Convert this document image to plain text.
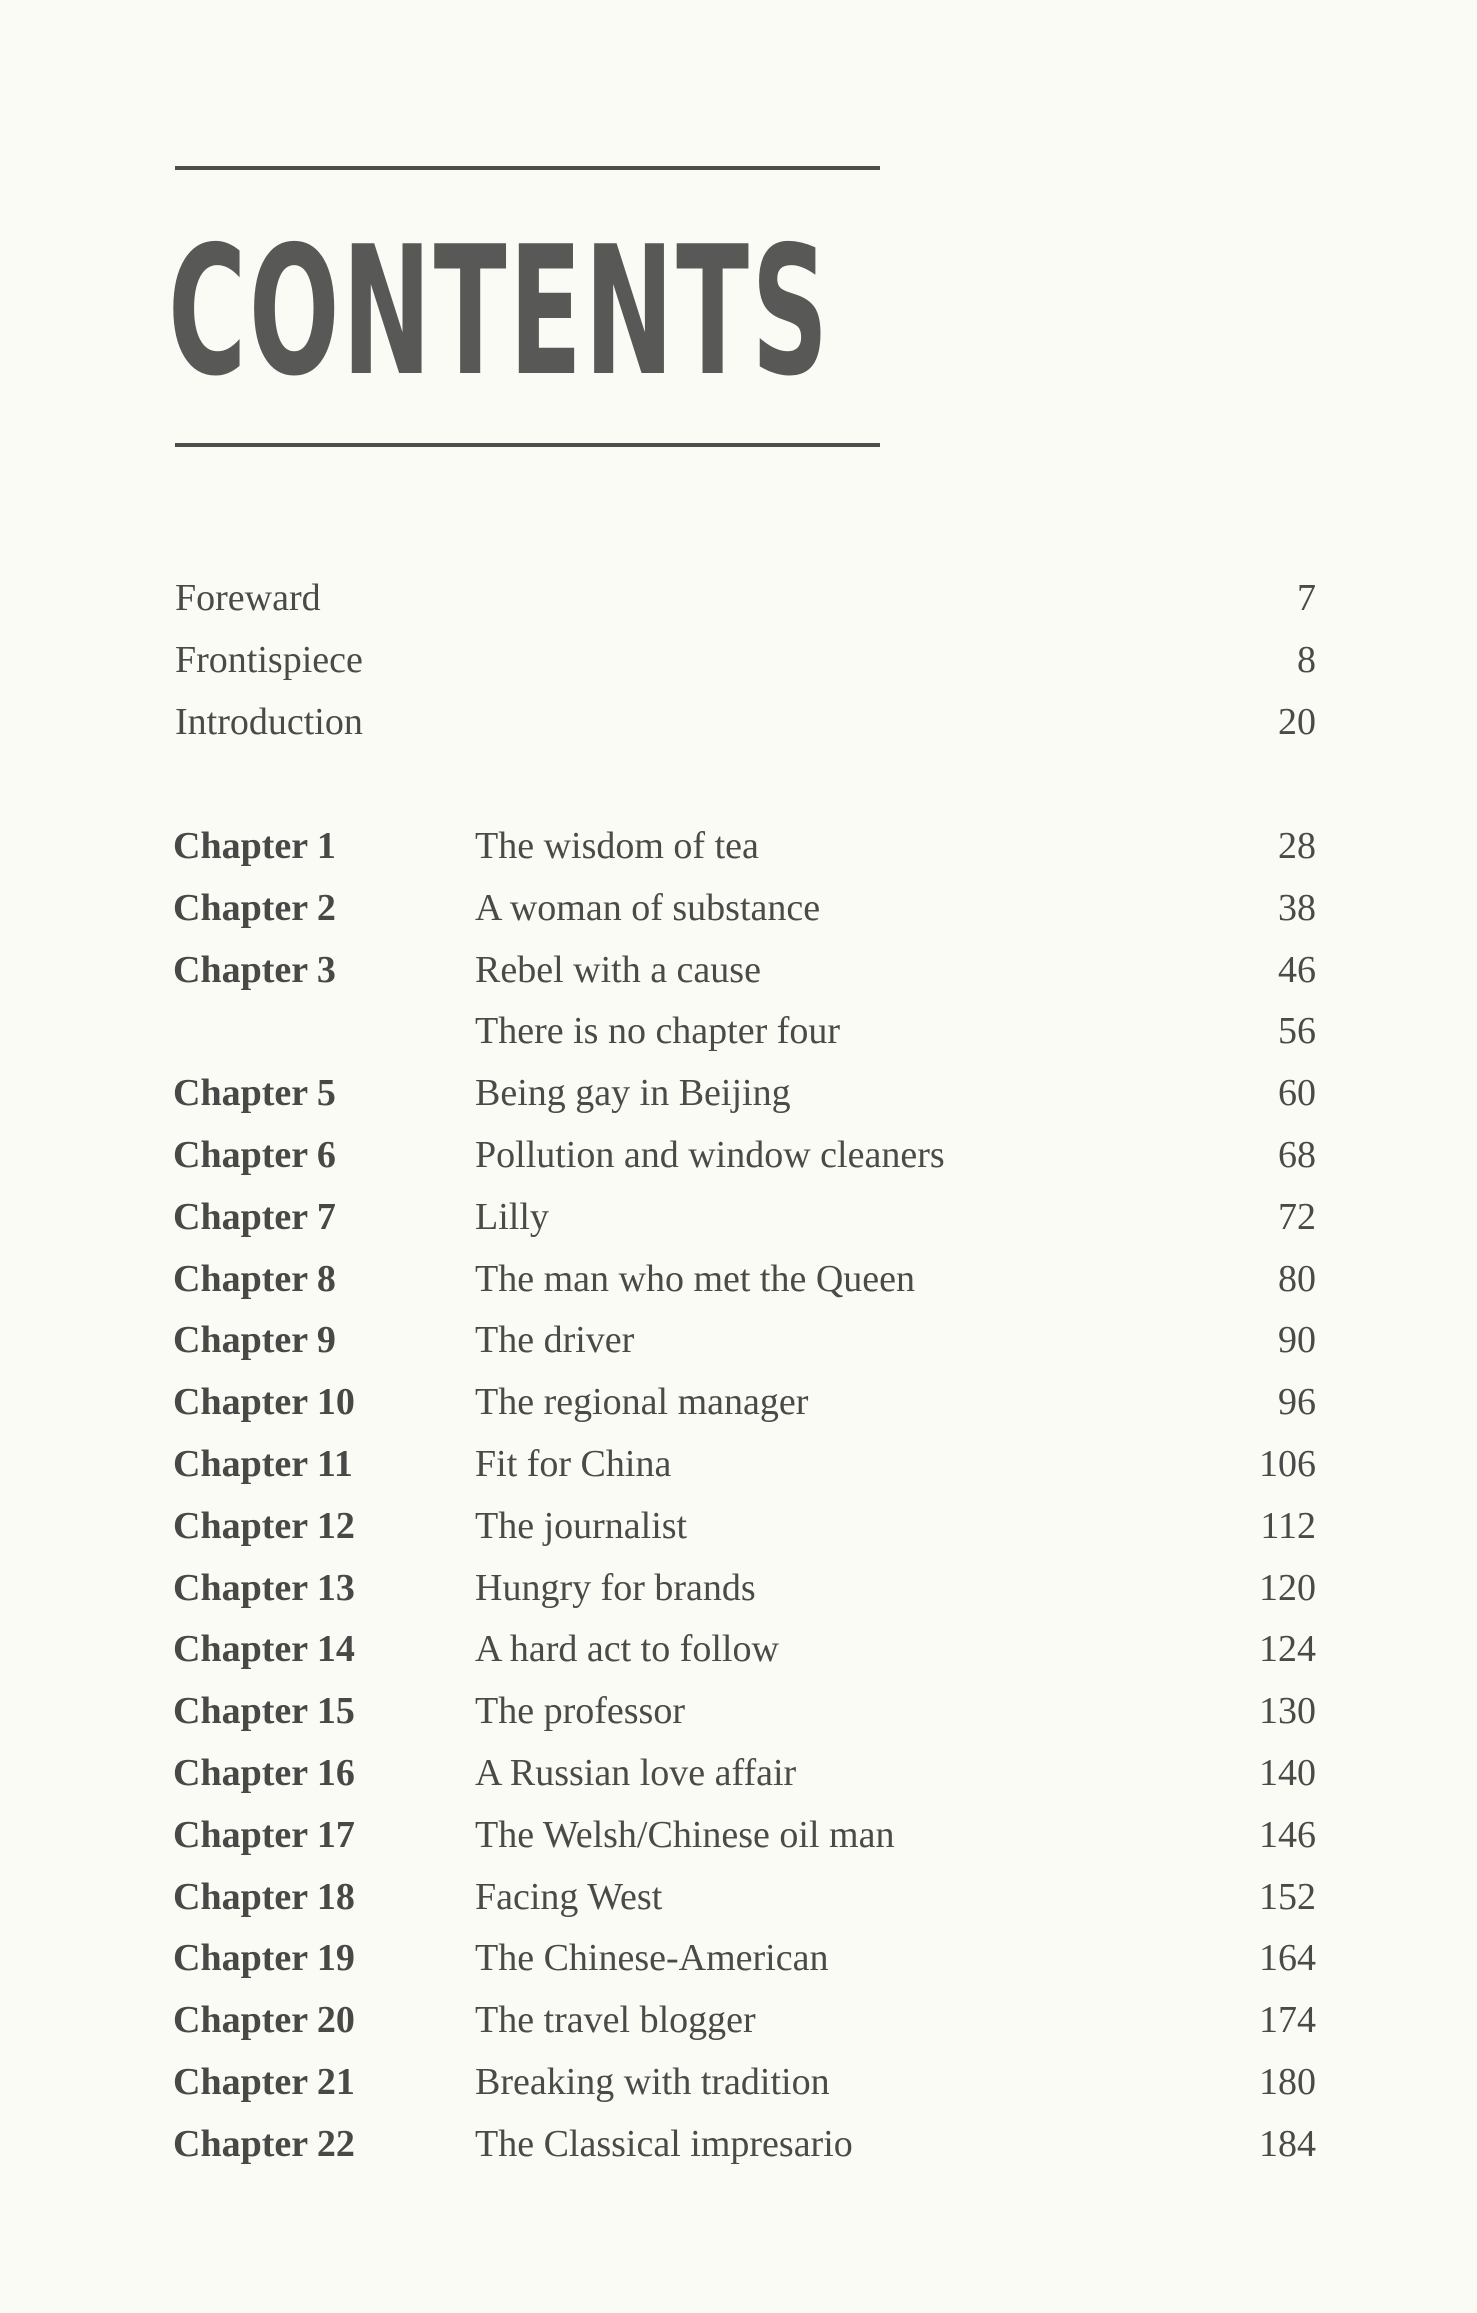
CONTENTS
Foreward	7
Frontispiece	8
Introduction	20
Chapter 1	The wisdom of tea	28
Chapter 2	A woman of substance	38
Chapter 3	Rebel with a cause	46
There is no chapter four	56
Chapter 5	Being gay in Beijing	60
Chapter 6	Pollution and window cleaners	68
Chapter 7	Lilly	72
Chapter 8	The man who met the Queen	80
Chapter 9	The driver	90
Chapter 10	The regional manager	96
Chapter 11	Fit for China	106
Chapter 12	The journalist	112
Chapter 13	Hungry for brands	120
Chapter 14	A hard act to follow	124
Chapter 15	The professor	130
Chapter 16	A Russian love affair	140
Chapter 17	The Welsh/Chinese oil man	146
Chapter 18	Facing West	152
Chapter 19	The Chinese-American	164
Chapter 20	The travel blogger	174
Chapter 21	Breaking with tradition	180
Chapter 22	The Classical impresario	184
